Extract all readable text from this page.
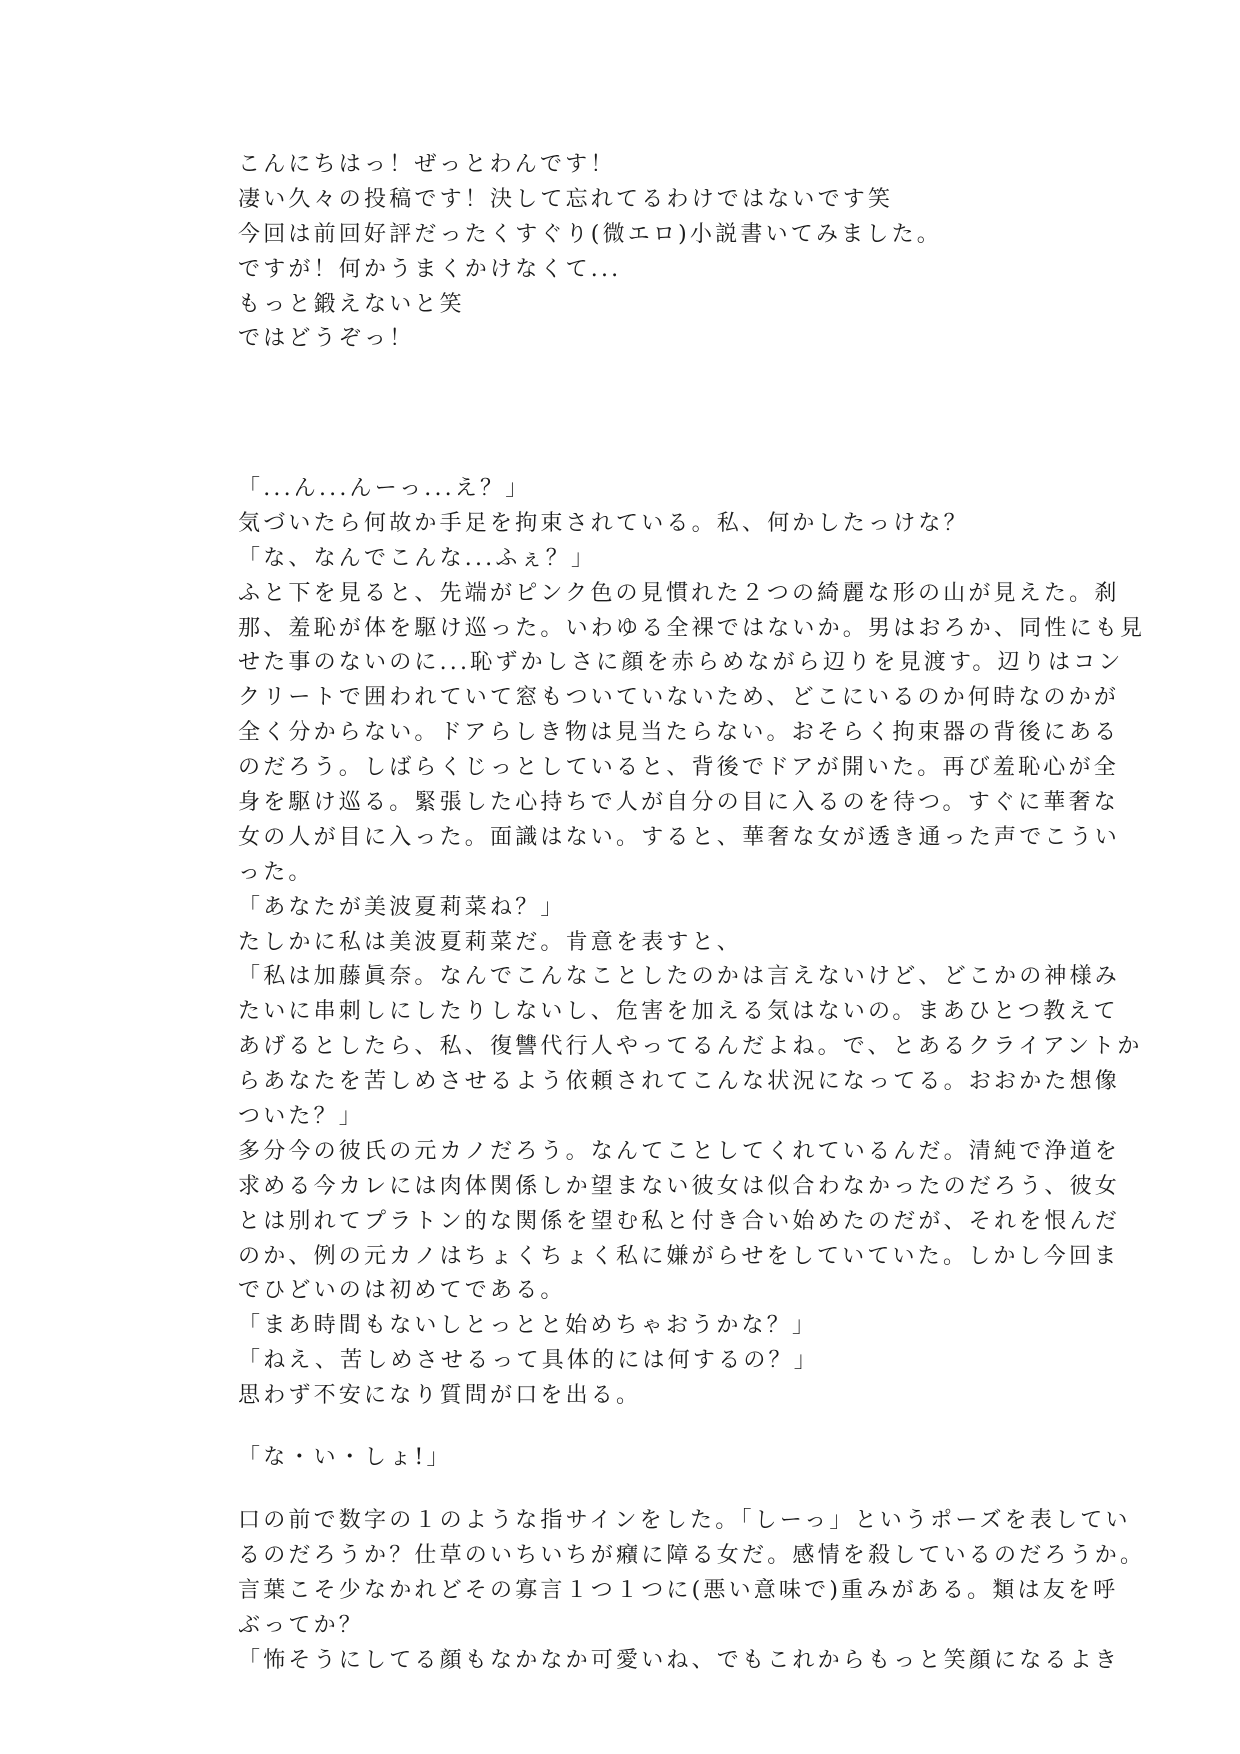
こんにちはっ！ぜっとわんです！
凄い久々の投稿です！決して忘れてるわけではないです笑
今回は前回好評だったくすぐり(微エロ)小説書いてみました。
ですが！何かうまくかけなくて...
もっと鍛えないと笑
ではどうぞっ！
「...ん...んーっ...え？」
気づいたら何故か手足を拘束されている。私、何かしたっけな？
「な、なんでこんな...ふぇ？」
ふと下を見ると、先端がピンク色の見慣れた２つの綺麗な形の山が見えた。刹
那、羞恥が体を駆け巡った。いわゆる全裸ではないか。男はおろか、同性にも見
せた事のないのに...恥ずかしさに顔を赤らめながら辺りを見渡す。辺りはコン
クリートで囲われていて窓もついていないため、どこにいるのか何時なのかが
全く分からない。ドアらしき物は見当たらない。おそらく拘束器の背後にある
のだろう。しばらくじっとしていると、背後でドアが開いた。再び羞恥心が全
身を駆け巡る。緊張した心持ちで人が自分の目に入るのを待つ。すぐに華奢な
女の人が目に入った。面識はない。すると、華奢な女が透き通った声でこうい
った。
「あなたが美波夏莉菜ね？」
たしかに私は美波夏莉菜だ。肯意を表すと、
「私は加藤眞奈。なんでこんなことしたのかは言えないけど、どこかの神様み
たいに串刺しにしたりしないし、危害を加える気はないの。まあひとつ教えて
あげるとしたら、私、復讐代行人やってるんだよね。で、とあるクライアントか
らあなたを苦しめさせるよう依頼されてこんな状況になってる。おおかた想像
ついた？」
多分今の彼氏の元カノだろう。なんてことしてくれているんだ。清純で浄道を
求める今カレには肉体関係しか望まない彼女は似合わなかったのだろう、彼女
とは別れてプラトン的な関係を望む私と付き合い始めたのだが、それを恨んだ
のか、例の元カノはちょくちょく私に嫌がらせをしていていた。しかし今回ま
でひどいのは初めてである。
「まあ時間もないしとっとと始めちゃおうかな？」
「ねえ、苦しめさせるって具体的には何するの？」
思わず不安になり質問が口を出る。
「な・い・しょ!」
口の前で数字の１のような指サインをした。「しーっ」というポーズを表してい
るのだろうか？仕草のいちいちが癪に障る女だ。感情を殺しているのだろうか。
言葉こそ少なかれどその寡言１つ１つに(悪い意味で)重みがある。類は友を呼
ぶってか？
「怖そうにしてる顔もなかなか可愛いね、でもこれからもっと笑顔になるよき
